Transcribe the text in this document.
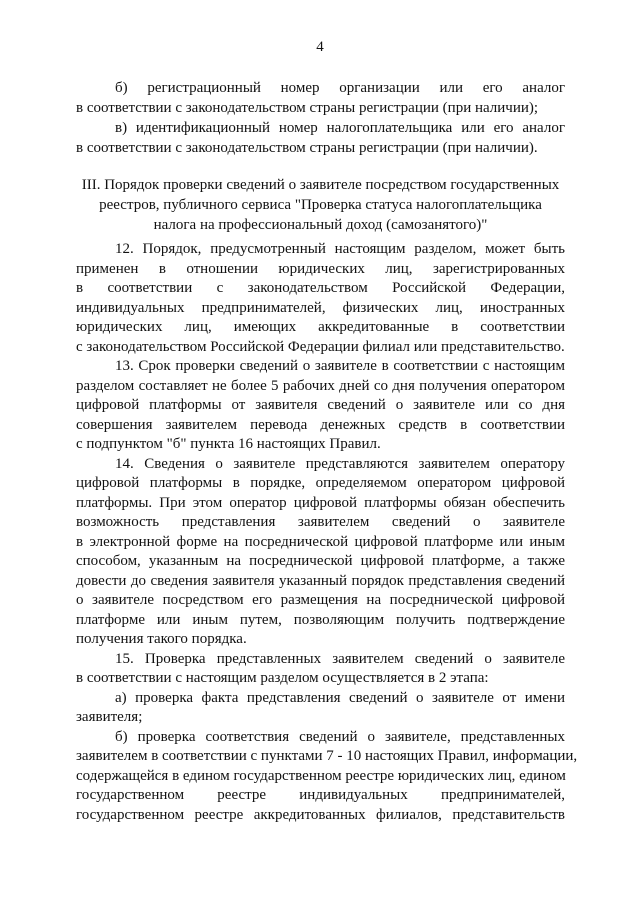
4
б) регистрационный номер организации или его аналог
в соответствии с законодательством страны регистрации (при наличии);
в) идентификационный номер налогоплательщика или его аналог
в соответствии с законодательством страны регистрации (при наличии).
III. Порядок проверки сведений о заявителе посредством государственных
реестров, публичного сервиса "Проверка статуса налогоплательщика
налога на профессиональный доход (самозанятого)"
12. Порядок, предусмотренный настоящим разделом, может быть
применен в отношении юридических лиц, зарегистрированных
в соответствии с законодательством Российской Федерации,
индивидуальных предпринимателей, физических лиц, иностранных
юридических лиц, имеющих аккредитованные в соответствии
с законодательством Российской Федерации филиал или представительство.
13. Срок проверки сведений о заявителе в соответствии с настоящим
разделом составляет не более 5 рабочих дней со дня получения оператором
цифровой платформы от заявителя сведений о заявителе или со дня
совершения заявителем перевода денежных средств в соответствии
с подпунктом "б" пункта 16 настоящих Правил.
14. Сведения о заявителе представляются заявителем оператору
цифровой платформы в порядке, определяемом оператором цифровой
платформы. При этом оператор цифровой платформы обязан обеспечить
возможность представления заявителем сведений о заявителе
в электронной форме на посреднической цифровой платформе или иным
способом, указанным на посреднической цифровой платформе, а также
довести до сведения заявителя указанный порядок представления сведений
о заявителе посредством его размещения на посреднической цифровой
платформе или иным путем, позволяющим получить подтверждение
получения такого порядка.
15. Проверка представленных заявителем сведений о заявителе
в соответствии с настоящим разделом осуществляется в 2 этапа:
а) проверка факта представления сведений о заявителе от имени
заявителя;
б) проверка соответствия сведений о заявителе, представленных
заявителем в соответствии с пунктами 7 - 10 настоящих Правил, информации,
содержащейся в едином государственном реестре юридических лиц, едином
государственном реестре индивидуальных предпринимателей,
государственном реестре аккредитованных филиалов, представительств
